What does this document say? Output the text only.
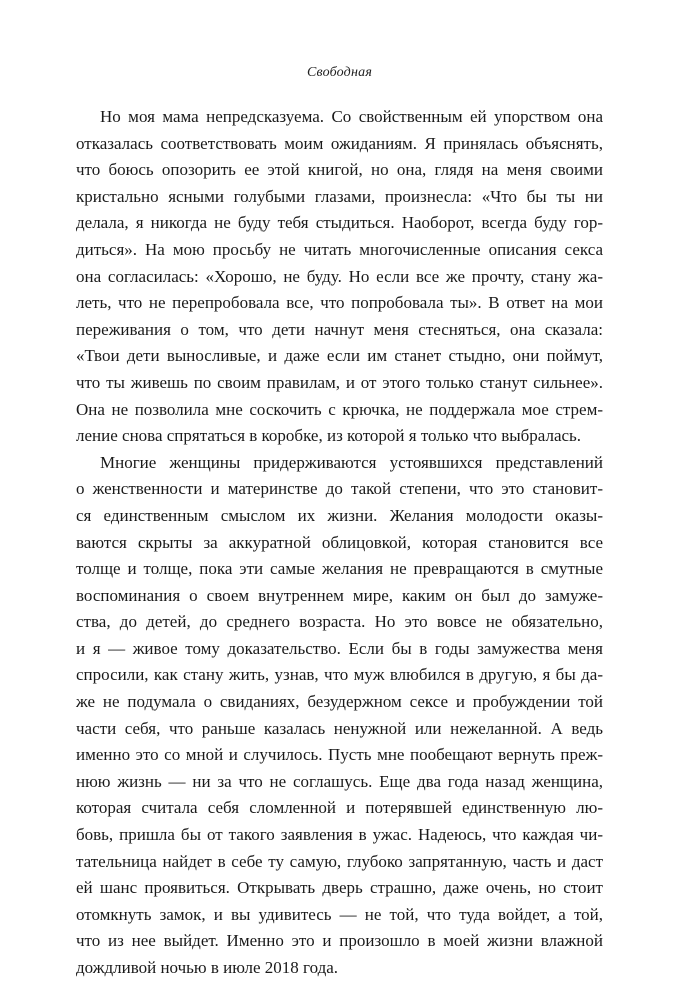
Свободная
Но моя мама непредсказуема. Со свойственным ей упорством она
отказалась соответствовать моим ожиданиям. Я принялась объяснять,
что боюсь опозорить ее этой книгой, но она, глядя на меня своими
кристально ясными голубыми глазами, произнесла: «Что бы ты ни
делала, я никогда не буду тебя стыдиться. Наоборот, всегда буду гор-
диться». На мою просьбу не читать многочисленные описания секса
она согласилась: «Хорошо, не буду. Но если все же прочту, стану жа-
леть, что не перепробовала все, что попробовала ты». В ответ на мои
переживания о том, что дети начнут меня стесняться, она сказала:
«Твои дети выносливые, и даже если им станет стыдно, они поймут,
что ты живешь по своим правилам, и от этого только станут сильнее».
Она не позволила мне соскочить с крючка, не поддержала мое стрем-
ление снова спрятаться в коробке, из которой я только что выбралась.
Многие женщины придерживаются устоявшихся представлений
о женственности и материнстве до такой степени, что это становит-
ся единственным смыслом их жизни. Желания молодости оказы-
ваются скрыты за аккуратной облицовкой, которая становится все
толще и толще, пока эти самые желания не превращаются в смутные
воспоминания о своем внутреннем мире, каким он был до замуже-
ства, до детей, до среднего возраста. Но это вовсе не обязательно,
и я — живое тому доказательство. Если бы в годы замужества меня
спросили, как стану жить, узнав, что муж влюбился в другую, я бы да-
же не подумала о свиданиях, безудержном сексе и пробуждении той
части себя, что раньше казалась ненужной или нежеланной. А ведь
именно это со мной и случилось. Пусть мне пообещают вернуть преж-
нюю жизнь — ни за что не соглашусь. Еще два года назад женщина,
которая считала себя сломленной и потерявшей единственную лю-
бовь, пришла бы от такого заявления в ужас. Надеюсь, что каждая чи-
тательница найдет в себе ту самую, глубоко запрятанную, часть и даст
ей шанс проявиться. Открывать дверь страшно, даже очень, но стоит
отомкнуть замок, и вы удивитесь — не той, что туда войдет, а той,
что из нее выйдет. Именно это и произошло в моей жизни влажной
дождливой ночью в июле 2018 года.
